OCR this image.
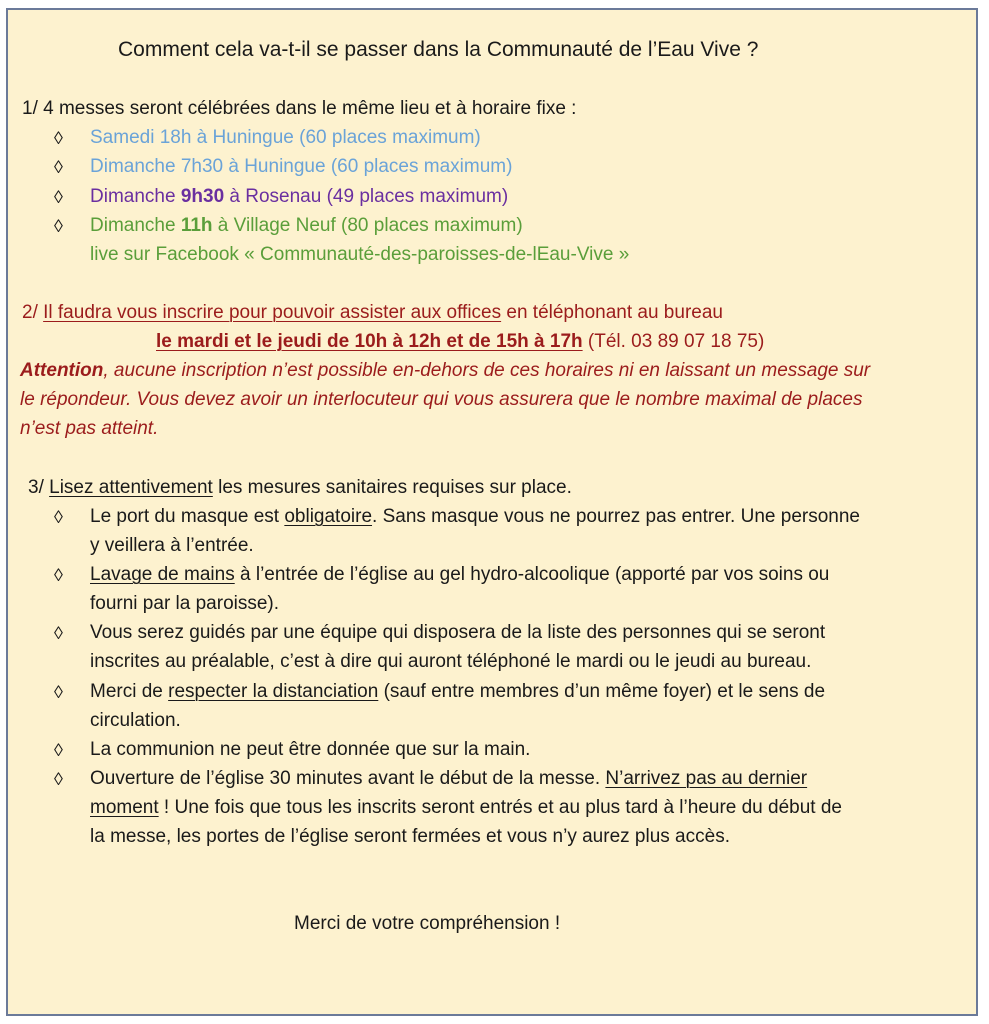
Comment cela va-t-il se passer dans la Communauté de l’Eau Vive ?
1/ 4 messes seront célébrées dans le même lieu et à horaire fixe :
◊ Samedi 18h à Huningue (60 places maximum)
◊ Dimanche 7h30 à Huningue (60 places maximum)
◊ Dimanche 9h30 à Rosenau (49 places maximum)
◊ Dimanche 11h à Village Neuf (80 places maximum)
live sur Facebook « Communauté-des-paroisses-de-lEau-Vive »
2/ Il faudra vous inscrire pour pouvoir assister aux offices en téléphonant au bureau
le mardi et le jeudi de 10h à 12h et de 15h à 17h (Tél. 03 89 07 18 75)
Attention, aucune inscription n’est possible en-dehors de ces horaires ni en laissant un message sur
le répondeur. Vous devez avoir un interlocuteur qui vous assurera que le nombre maximal de places
n’est pas atteint.
3/ Lisez attentivement les mesures sanitaires requises sur place.
◊ Le port du masque est obligatoire. Sans masque vous ne pourrez pas entrer. Une personne
y veillera à l’entrée.
◊ Lavage de mains à l’entrée de l’église au gel hydro-alcoolique (apporté par vos soins ou
fourni par la paroisse).
◊ Vous serez guidés par une équipe qui disposera de la liste des personnes qui se seront
inscrites au préalable, c’est à dire qui auront téléphoné le mardi ou le jeudi au bureau.
◊ Merci de respecter la distanciation (sauf entre membres d’un même foyer) et le sens de
circulation.
◊ La communion ne peut être donnée que sur la main.
◊ Ouverture de l’église 30 minutes avant le début de la messe. N’arrivez pas au dernier
moment ! Une fois que tous les inscrits seront entrés et au plus tard à l’heure du début de
la messe, les portes de l’église seront fermées et vous n’y aurez plus accès.
Merci de votre compréhension !
